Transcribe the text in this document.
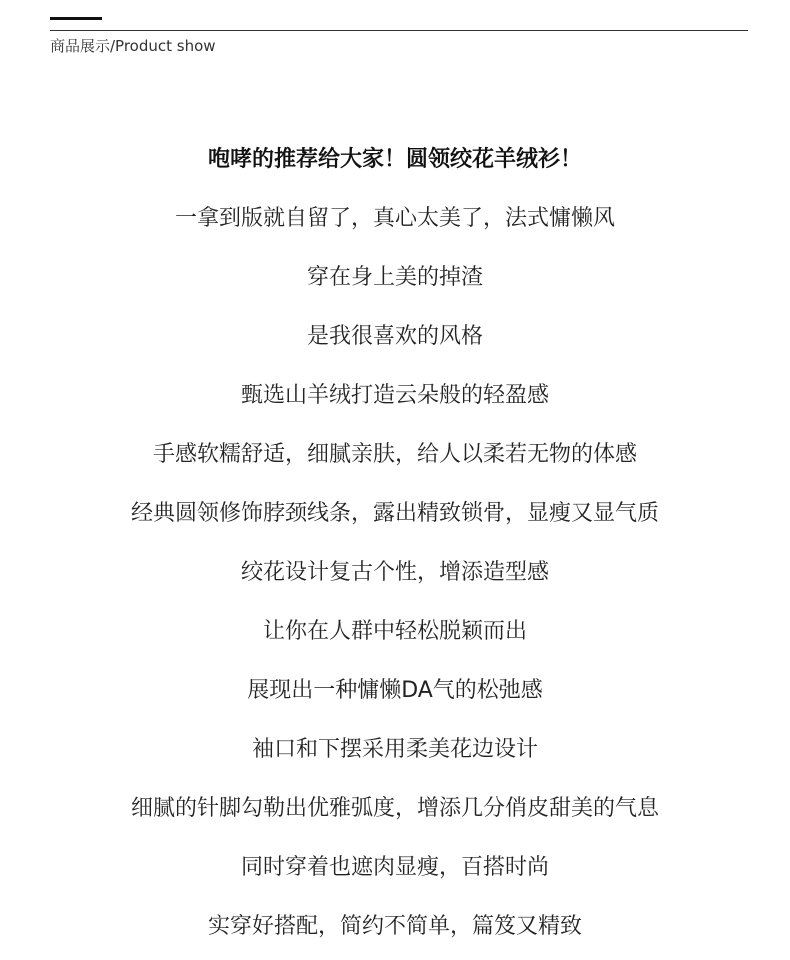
商品展示/Product show
咆哮的推荐给大家！圆领绞花羊绒衫！
一拿到版就自留了，真心太美了，法式慵懒风
穿在身上美的掉渣
是我很喜欢的风格
甄选山羊绒打造云朵般的轻盈感
手感软糯舒适，细腻亲肤，给人以柔若无物的体感
经典圆领修饰脖颈线条，露出精致锁骨，显瘦又显气质
绞花设计复古个性，增添造型感
让你在人群中轻松脱颖而出
展现出一种慵懒DA气的松弛感
袖口和下摆采用柔美花边设计
细腻的针脚勾勒出优雅弧度，增添几分俏皮甜美的气息
同时穿着也遮肉显瘦，百搭时尚
实穿好搭配，简约不简单，篇笈又精致
